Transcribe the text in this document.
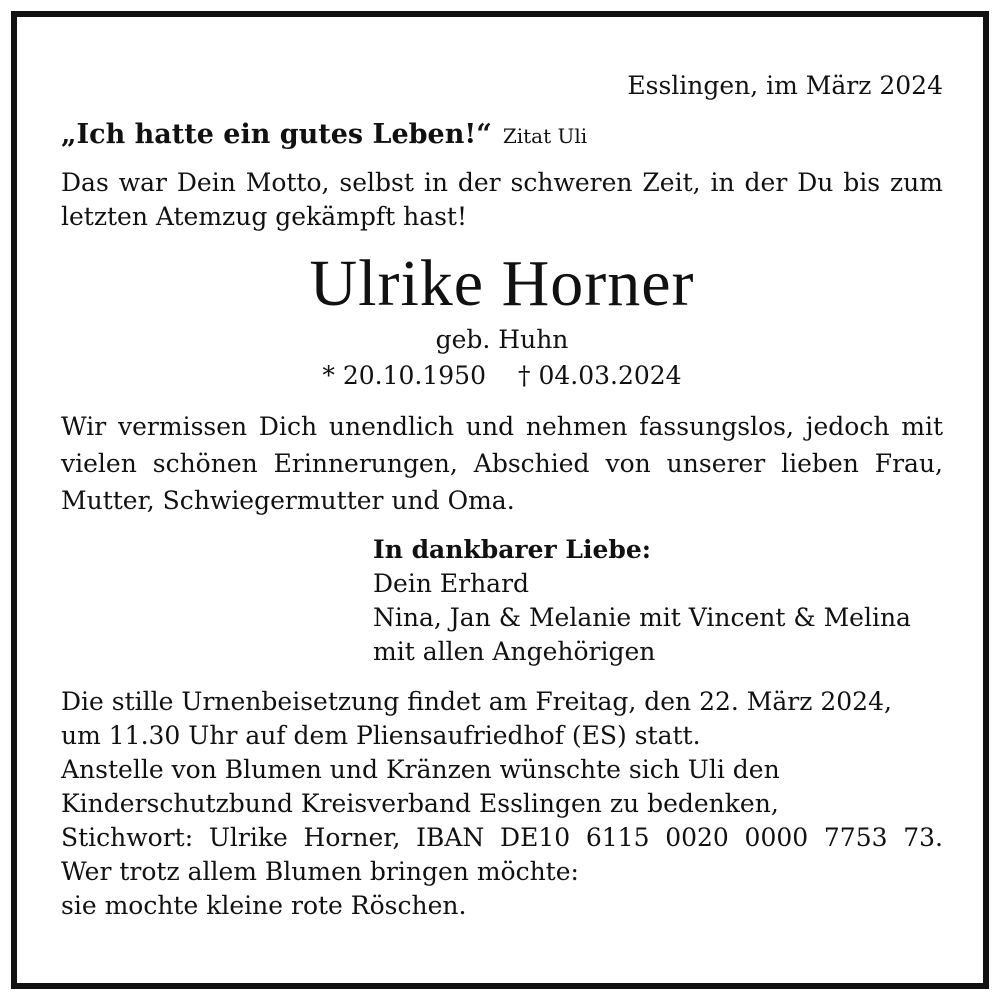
Esslingen, im März 2024
„Ich hatte ein gutes Leben!“ Zitat Uli
Das war Dein Motto, selbst in der schweren Zeit, in der Du bis zum letzten Atemzug gekämpft hast!
Ulrike Horner
geb. Huhn
* 20.10.1950 † 04.03.2024
Wir vermissen Dich unendlich und nehmen fassungslos, jedoch mit vielen schönen Erinnerungen, Abschied von unserer lieben Frau, Mutter, Schwiegermutter und Oma.
In dankbarer Liebe:
Dein Erhard
Nina, Jan & Melanie mit Vincent & Melina
mit allen Angehörigen
Die stille Urnenbeisetzung findet am Freitag, den 22. März 2024,
um 11.30 Uhr auf dem Pliensaufriedhof (ES) statt.
Anstelle von Blumen und Kränzen wünschte sich Uli den
Kinderschutzbund Kreisverband Esslingen zu bedenken,
Stichwort: Ulrike Horner, IBAN DE10 6115 0020 0000 7753 73.
Wer trotz allem Blumen bringen möchte:
sie mochte kleine rote Röschen.
